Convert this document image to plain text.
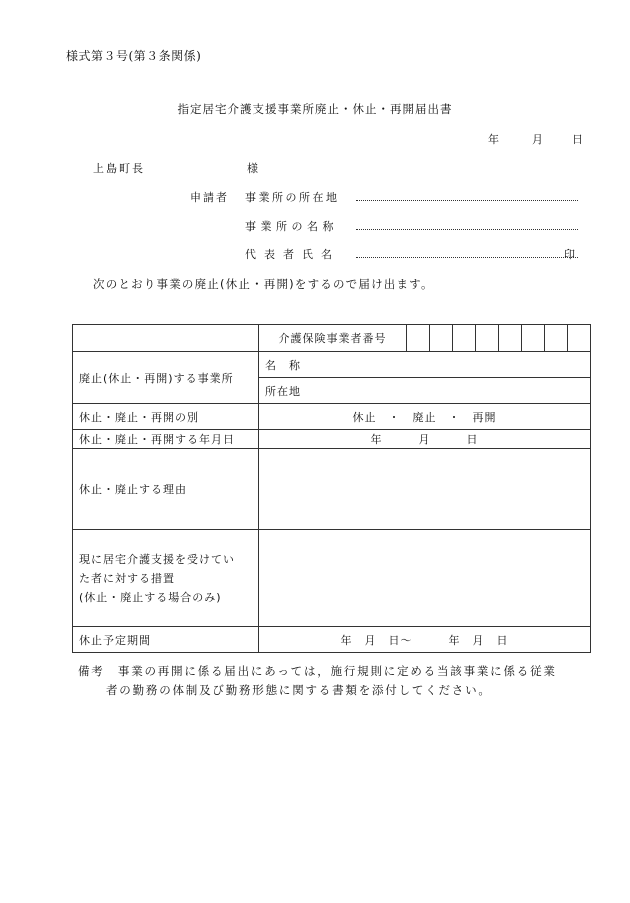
様式第３号(第３条関係)
指定居宅介護支援事業所廃止・休止・再開届出書
年	月	日
上島町長	様
申請者 事業所の所在地
事業所の名称
代表者氏名	印
次のとおり事業の廃止(休止・再開)をするので届け出ます。
	介護保険事業者番号								
廃止(休止・再開)する事業所	名　称								
	所在地								
休止・廃止・再開の別	休止　・　廃止　・　再開								
休止・廃止・再開する年月日	年　　　月　　　日								
休止・廃止する理由									
現に居宅介護支援を受けてい
た者に対する措置
(休止・廃止する場合のみ)									
休止予定期間	年　月　日～　　　年　月　日								
備考　事業の再開に係る届出にあっては，施行規則に定める当該事業に係る従業
者の勤務の体制及び勤務形態に関する書類を添付してください。
